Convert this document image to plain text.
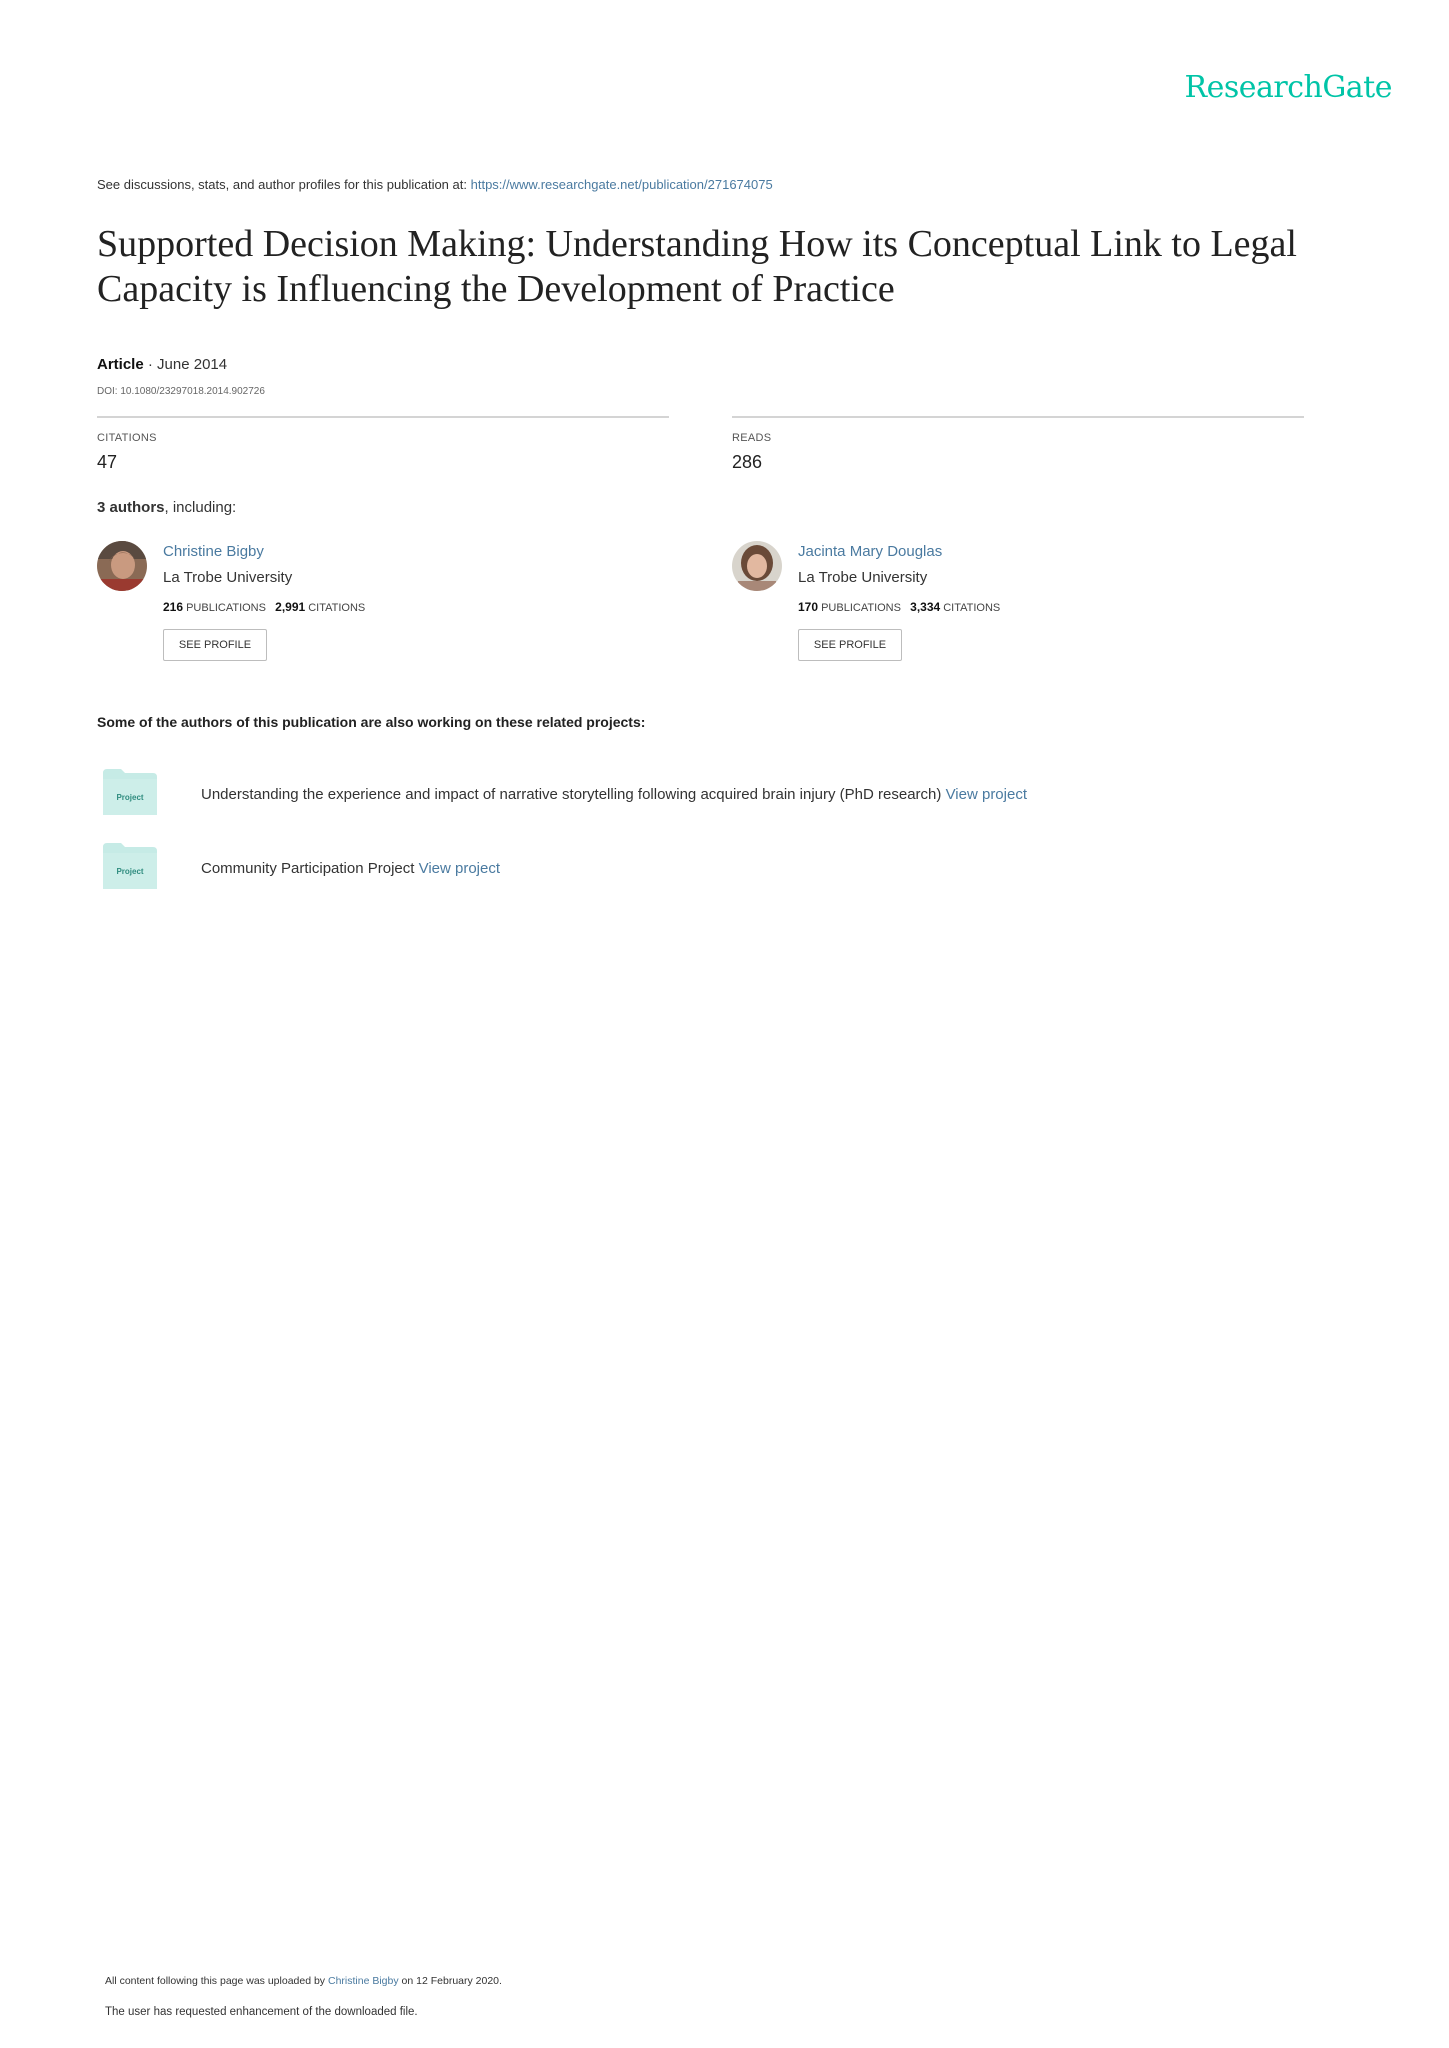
ResearchGate
See discussions, stats, and author profiles for this publication at: https://www.researchgate.net/publication/271674075
Supported Decision Making: Understanding How its Conceptual Link to Legal Capacity is Influencing the Development of Practice
Article · June 2014
DOI: 10.1080/23297018.2014.902726
CITATIONS
47
READS
286
3 authors, including:
Christine Bigby
La Trobe University
216 PUBLICATIONS 2,991 CITATIONS
SEE PROFILE
Jacinta Mary Douglas
La Trobe University
170 PUBLICATIONS 3,334 CITATIONS
SEE PROFILE
Some of the authors of this publication are also working on these related projects:
Project	Understanding the experience and impact of narrative storytelling following acquired brain injury (PhD research) View project
Project	Community Participation Project View project
All content following this page was uploaded by Christine Bigby on 12 February 2020.
The user has requested enhancement of the downloaded file.
